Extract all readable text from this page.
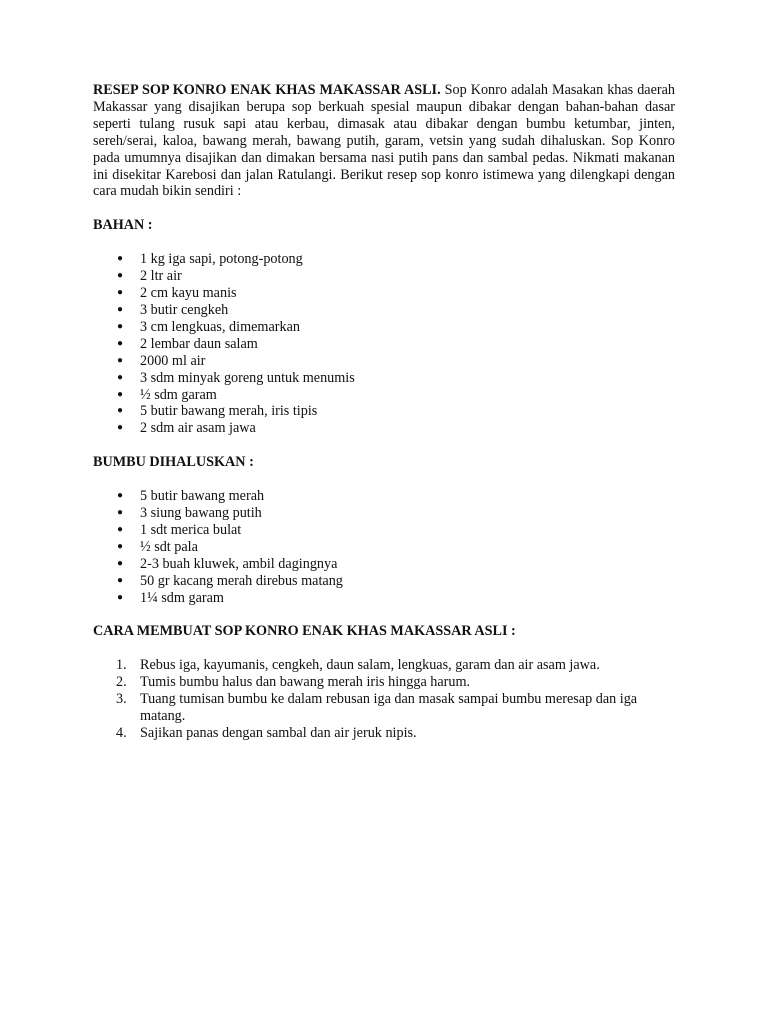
RESEP SOP KONRO ENAK KHAS MAKASSAR ASLI. Sop Konro adalah Masakan khas daerah Makassar yang disajikan berupa sop berkuah spesial maupun dibakar dengan bahan-bahan dasar seperti tulang rusuk sapi atau kerbau, dimasak atau dibakar dengan bumbu ketumbar, jinten, sereh/serai, kaloa, bawang merah, bawang putih, garam, vetsin yang sudah dihaluskan. Sop Konro pada umumnya disajikan dan dimakan bersama nasi putih pans dan sambal pedas. Nikmati makanan ini disekitar Karebosi dan jalan Ratulangi. Berikut resep sop konro istimewa yang dilengkapi dengan cara mudah bikin sendiri :

BAHAN :

● 1 kg iga sapi, potong-potong
● 2 ltr air
● 2 cm kayu manis
● 3 butir cengkeh
● 3 cm lengkuas, dimemarkan
● 2 lembar daun salam
● 2000 ml air
● 3 sdm minyak goreng untuk menumis
● ½ sdm garam
● 5 butir bawang merah, iris tipis
● 2 sdm air asam jawa

BUMBU DIHALUSKAN :

● 5 butir bawang merah
● 3 siung bawang putih
● 1 sdt merica bulat
● ½ sdt pala
● 2-3 buah kluwek, ambil dagingnya
● 50 gr kacang merah direbus matang
● 1¼ sdm garam

CARA MEMBUAT SOP KONRO ENAK KHAS MAKASSAR ASLI :

1. Rebus iga, kayumanis, cengkeh, daun salam, lengkuas, garam dan air asam jawa.
2. Tumis bumbu halus dan bawang merah iris hingga harum.
3. Tuang tumisan bumbu ke dalam rebusan iga dan masak sampai bumbu meresap dan iga matang.
4. Sajikan panas dengan sambal dan air jeruk nipis.
